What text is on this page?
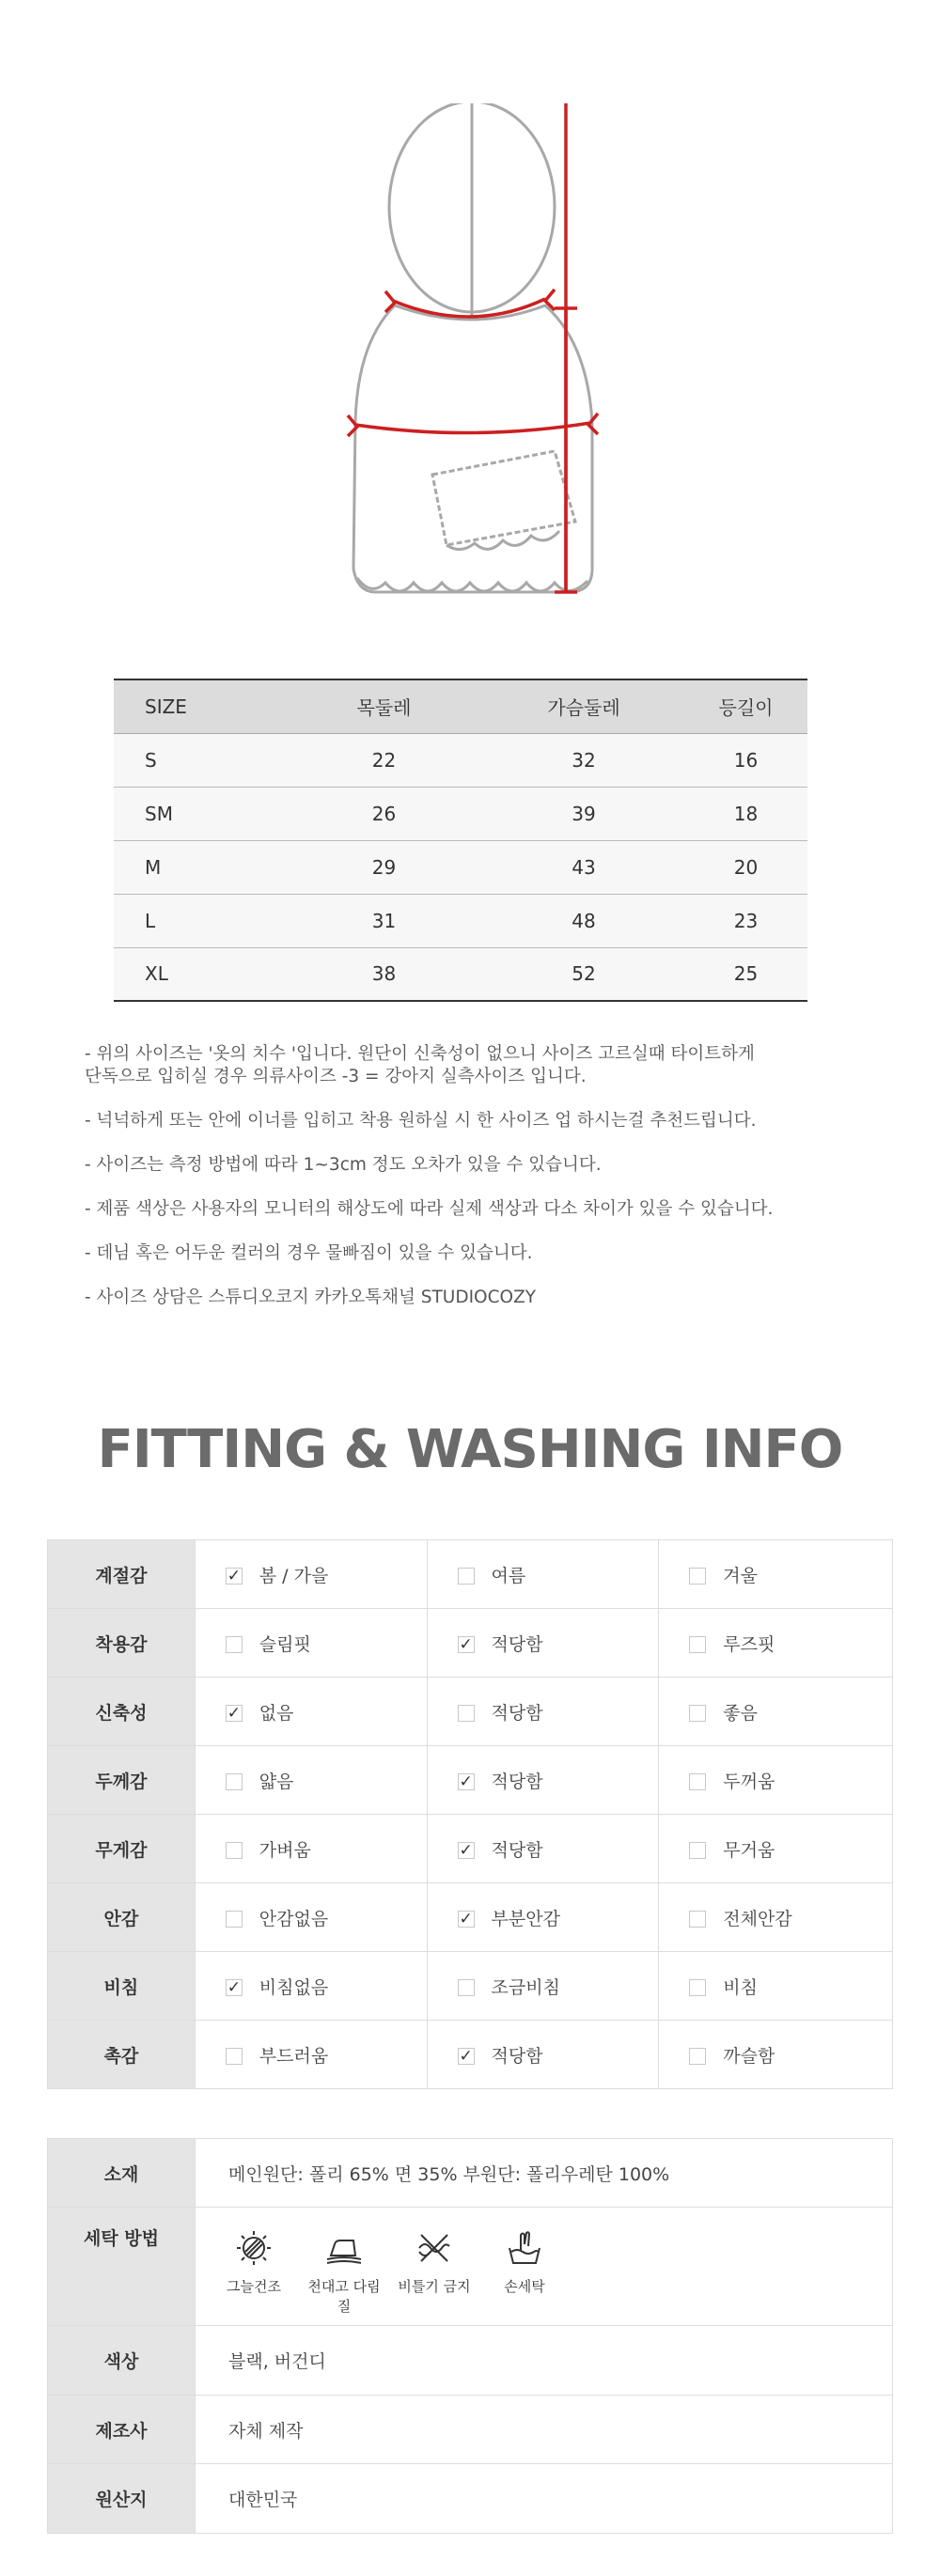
SIZE	목둘레	가슴둘레	등길이
S	22	32	16
SM	26	39	18
M	29	43	20
L	31	48	23
XL	38	52	25
- 위의 사이즈는 '옷의 치수 '입니다. 원단이 신축성이 없으니 사이즈 고르실때 타이트하게
단독으로 입히실 경우 의류사이즈 -3 = 강아지 실측사이즈 입니다.
- 넉넉하게 또는 안에 이너를 입히고 착용 원하실 시 한 사이즈 업 하시는걸 추천드립니다.
- 사이즈는 측정 방법에 따라 1~3cm 정도 오차가 있을 수 있습니다.
- 제품 색상은 사용자의 모니터의 해상도에 따라 실제 색상과 다소 차이가 있을 수 있습니다.
- 데님 혹은 어두운 컬러의 경우 물빠짐이 있을 수 있습니다.
- 사이즈 상담은 스튜디오코지 카카오톡채널 STUDIOCOZY
FITTING & WASHING INFO
계절감	✓봄 / 가을	여름	겨울
착용감	슬림핏	✓적당함	루즈핏
신축성	✓없음	적당함	좋음
두께감	얇음	✓적당함	두꺼움
무게감	가벼움	✓적당함	무거움
안감	안감없음	✓부분안감	전체안감
비침	✓비침없음	조금비침	비침
촉감	부드러움	✓적당함	까슬함
소재	메인원단: 폴리 65% 면 35% 부원단: 폴리우레탄 100%
세탁 방법	그늘건조 천대고 다림질
비틀기 금지 손세탁

색상	블랙, 버건디
제조사	자체 제작
원산지	대한민국
